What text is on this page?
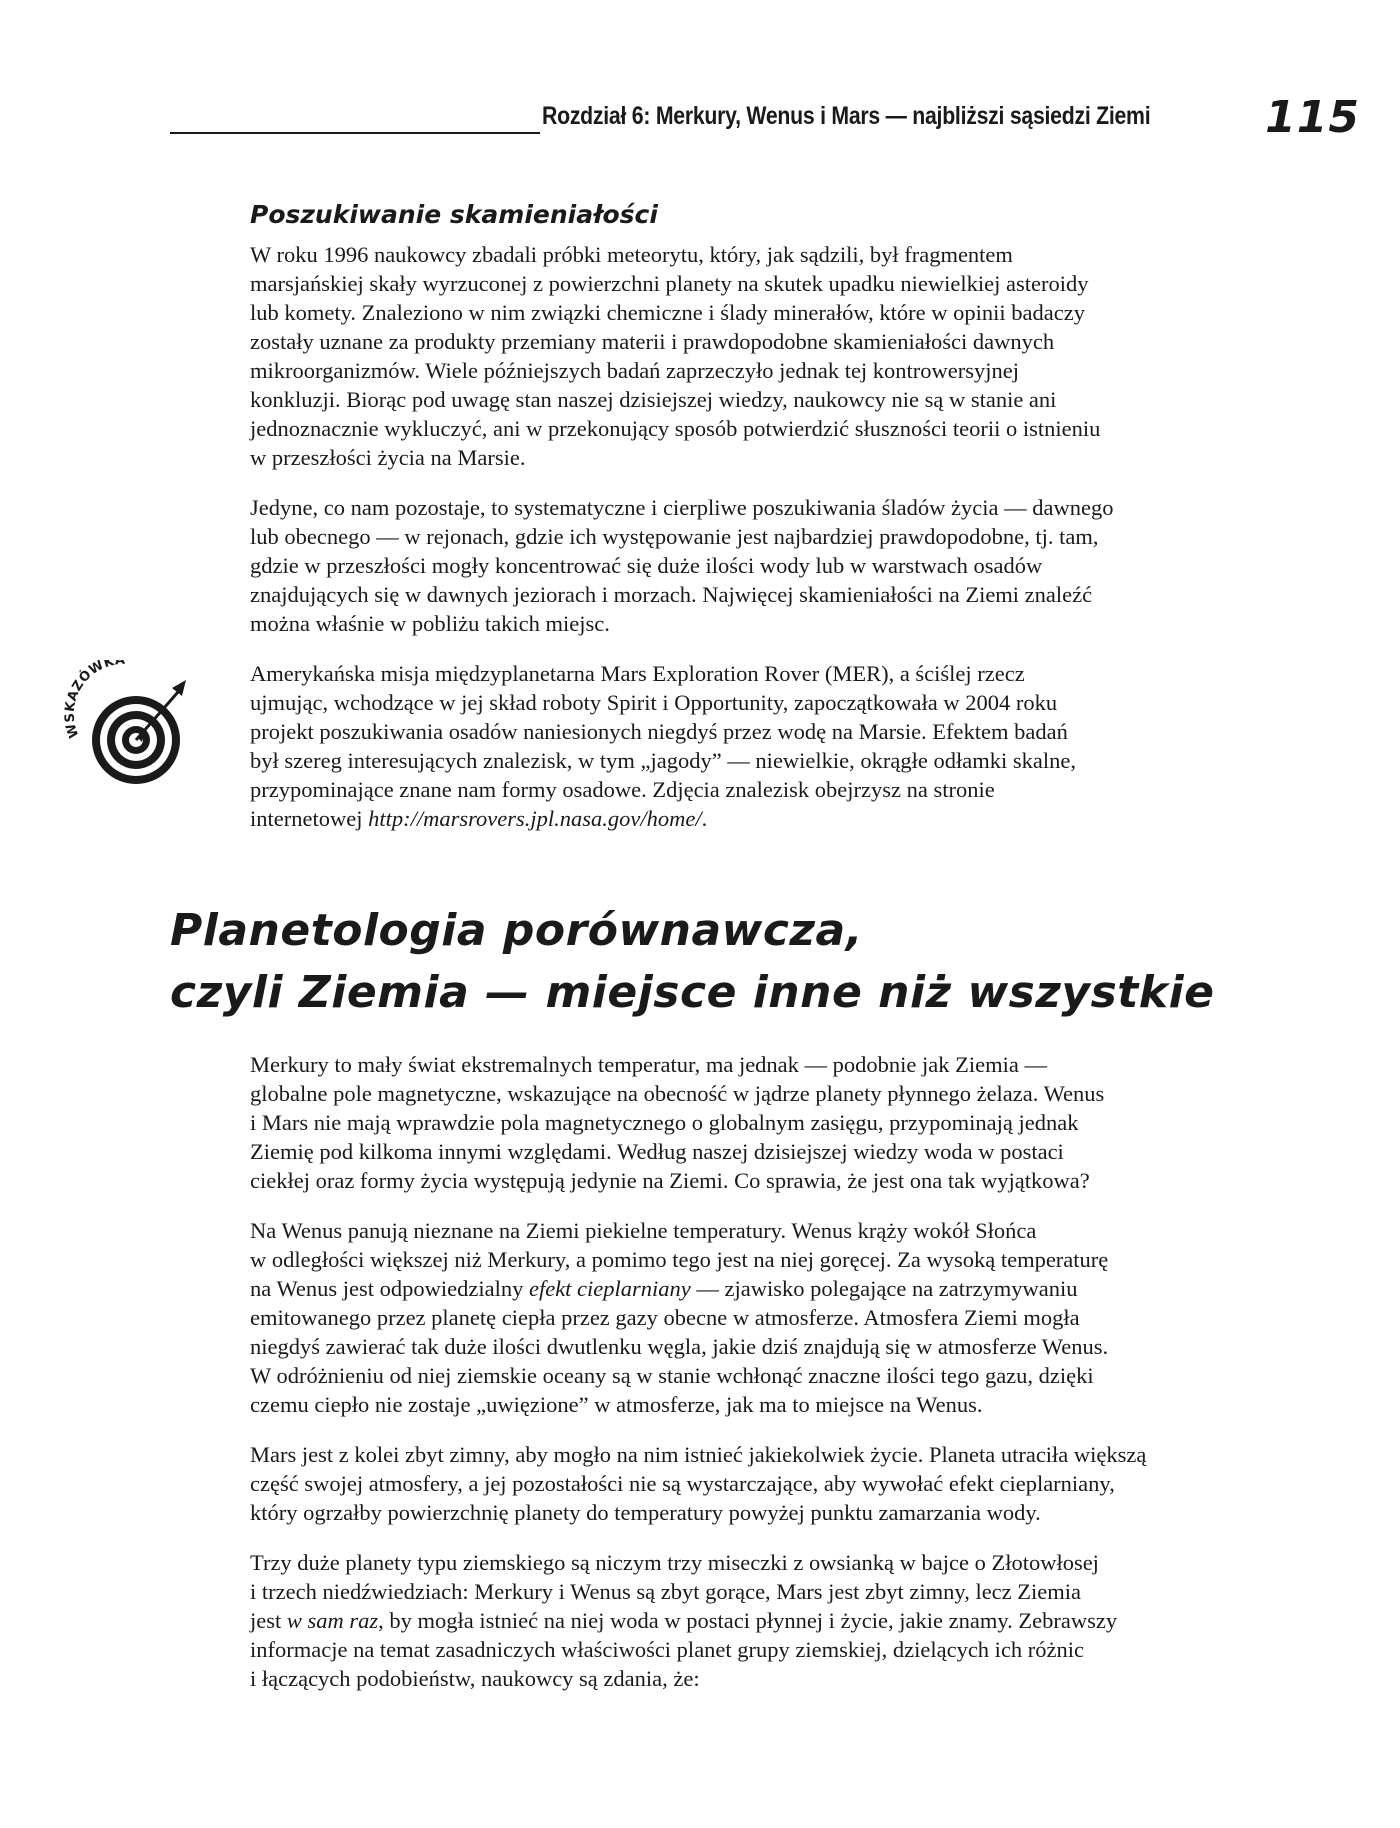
Rozdział 6: Merkury, Wenus i Mars — najbliższi sąsiedzi Ziemi	115
Poszukiwanie skamieniałości

W roku 1996 naukowcy zbadali próbki meteorytu, który, jak sądzili, był fragmentem
marsjańskiej skały wyrzuconej z powierzchni planety na skutek upadku niewielkiej asteroidy
lub komety. Znaleziono w nim związki chemiczne i ślady minerałów, które w opinii badaczy
zostały uznane za produkty przemiany materii i prawdopodobne skamieniałości dawnych
mikroorganizmów. Wiele późniejszych badań zaprzeczyło jednak tej kontrowersyjnej
konkluzji. Biorąc pod uwagę stan naszej dzisiejszej wiedzy, naukowcy nie są w stanie ani
jednoznacznie wykluczyć, ani w przekonujący sposób potwierdzić słuszności teorii o istnieniu
w przeszłości życia na Marsie.

Jedyne, co nam pozostaje, to systematyczne i cierpliwe poszukiwania śladów życia — dawnego
lub obecnego — w rejonach, gdzie ich występowanie jest najbardziej prawdopodobne, tj. tam,
gdzie w przeszłości mogły koncentrować się duże ilości wody lub w warstwach osadów
znajdujących się w dawnych jeziorach i morzach. Najwięcej skamieniałości na Ziemi znaleźć
można właśnie w pobliżu takich miejsc.

Amerykańska misja międzyplanetarna Mars Exploration Rover (MER), a ściślej rzecz
ujmując, wchodzące w jej skład roboty Spirit i Opportunity, zapoczątkowała w 2004 roku
projekt poszukiwania osadów naniesionych niegdyś przez wodę na Marsie. Efektem badań
był szereg interesujących znalezisk, w tym „jagody” — niewielkie, okrągłe odłamki skalne,
przypominające znane nam formy osadowe. Zdjęcia znalezisk obejrzysz na stronie
internetowej http://marsrovers.jpl.nasa.gov/home/.

WSKAZÓWKA
Planetologia porównawcza,
czyli Ziemia — miejsce inne niż wszystkie

Merkury to mały świat ekstremalnych temperatur, ma jednak — podobnie jak Ziemia —
globalne pole magnetyczne, wskazujące na obecność w jądrze planety płynnego żelaza. Wenus
i Mars nie mają wprawdzie pola magnetycznego o globalnym zasięgu, przypominają jednak
Ziemię pod kilkoma innymi względami. Według naszej dzisiejszej wiedzy woda w postaci
ciekłej oraz formy życia występują jedynie na Ziemi. Co sprawia, że jest ona tak wyjątkowa?

Na Wenus panują nieznane na Ziemi piekielne temperatury. Wenus krąży wokół Słońca
w odległości większej niż Merkury, a pomimo tego jest na niej goręcej. Za wysoką temperaturę
na Wenus jest odpowiedzialny efekt cieplarniany — zjawisko polegające na zatrzymywaniu
emitowanego przez planetę ciepła przez gazy obecne w atmosferze. Atmosfera Ziemi mogła
niegdyś zawierać tak duże ilości dwutlenku węgla, jakie dziś znajdują się w atmosferze Wenus.
W odróżnieniu od niej ziemskie oceany są w stanie wchłonąć znaczne ilości tego gazu, dzięki
czemu ciepło nie zostaje „uwięzione” w atmosferze, jak ma to miejsce na Wenus.

Mars jest z kolei zbyt zimny, aby mogło na nim istnieć jakiekolwiek życie. Planeta utraciła większą
część swojej atmosfery, a jej pozostałości nie są wystarczające, aby wywołać efekt cieplarniany,
który ogrzałby powierzchnię planety do temperatury powyżej punktu zamarzania wody.

Trzy duże planety typu ziemskiego są niczym trzy miseczki z owsianką w bajce o Złotowłosej
i trzech niedźwiedziach: Merkury i Wenus są zbyt gorące, Mars jest zbyt zimny, lecz Ziemia
jest w sam raz, by mogła istnieć na niej woda w postaci płynnej i życie, jakie znamy. Zebrawszy
informacje na temat zasadniczych właściwości planet grupy ziemskiej, dzielących ich różnic
i łączących podobieństw, naukowcy są zdania, że:
